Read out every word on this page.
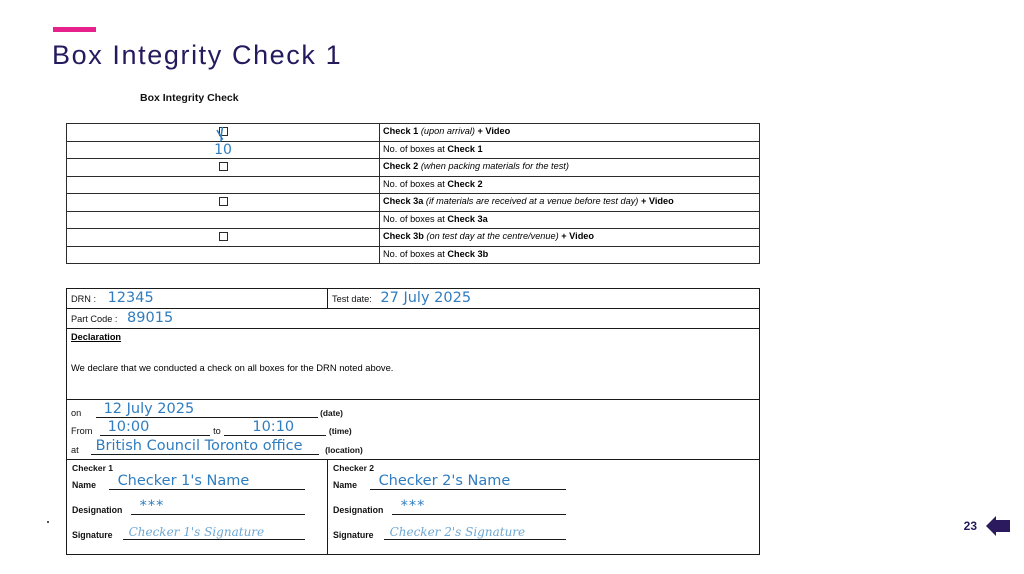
Box Integrity Check 1
Box Integrity Check
	Check 1 (upon arrival) + Video
10	No. of boxes at Check 1
	Check 2 (when packing materials for the test)
	No. of boxes at Check 2
	Check 3a (if materials are received at a venue before test day) + Video
	No. of boxes at Check 3a
	Check 3b (on test day at the centre/venue) + Video
	No. of boxes at Check 3b
DRN : 12345	Test date: 27 July 2025
Part Code : 89015	

Declaration
We declare that we conducted a check on all boxes for the DRN noted above.	

on 12 July 2025	(date)
From 10:00	to 10:10	(time)
at British Council Toronto office	(location)

Checker 1
Name Checker 1's Name
Designation ***
Signature Checker 1's Signature

Checker 2
Name Checker 2's Name
Designation ***
Signature Checker 2's Signature	23
